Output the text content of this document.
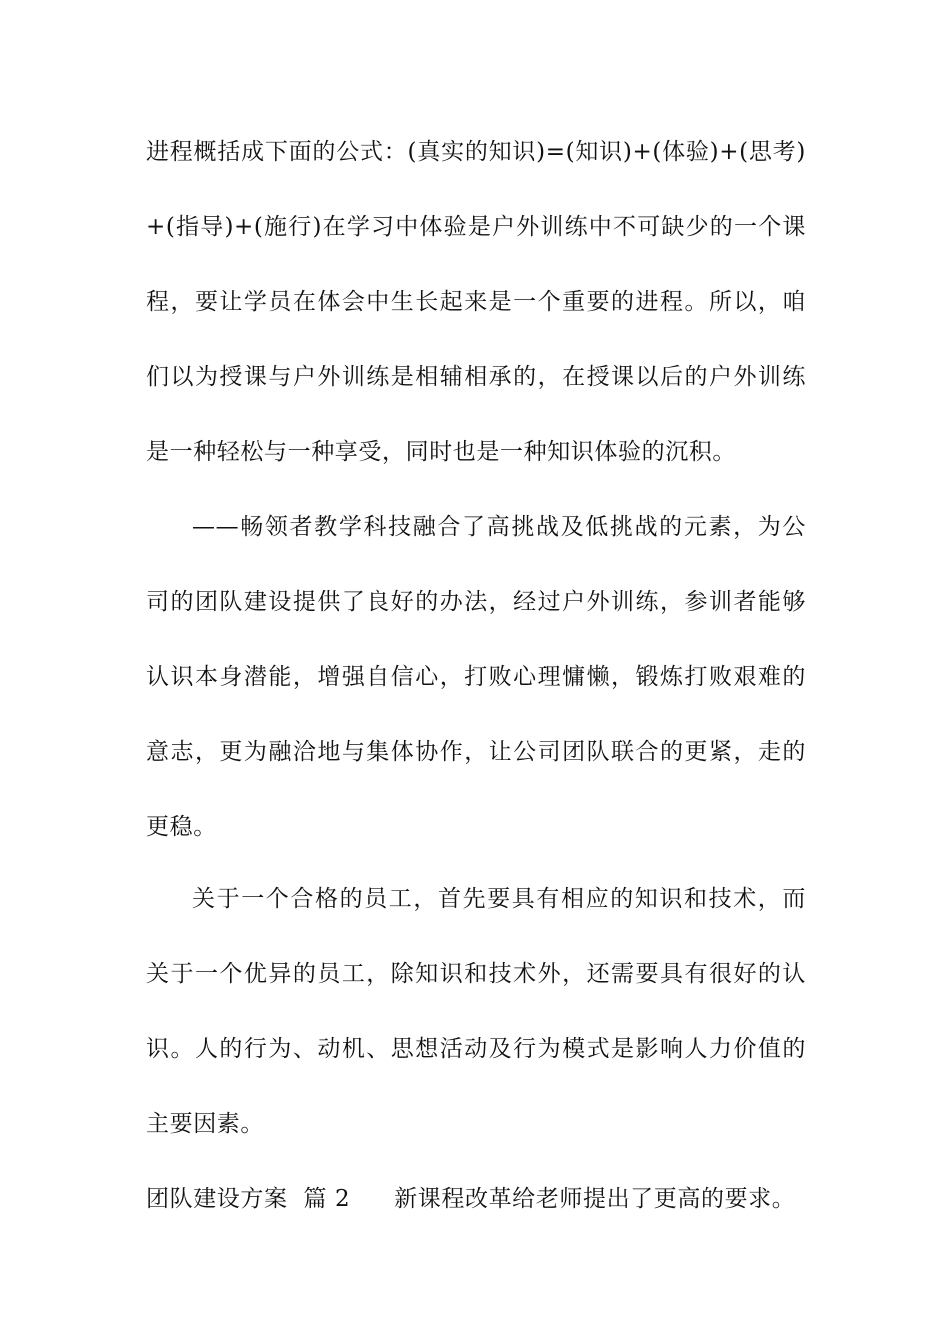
进程概括成下面的公式：(真实的知识)=(知识)+(体验)+(思考)
+(指导)+(施行)在学习中体验是户外训练中不可缺少的一个课
程，要让学员在体会中生长起来是一个重要的进程。所以，咱
们以为授课与户外训练是相辅相承的，在授课以后的户外训练
是一种轻松与一种享受，同时也是一种知识体验的沉积。
——畅领者教学科技融合了高挑战及低挑战的元素，为公
司的团队建设提供了良好的办法，经过户外训练，参训者能够
认识本身潜能，增强自信心，打败心理慵懒，锻炼打败艰难的
意志，更为融洽地与集体协作，让公司团队联合的更紧，走的
更稳。
关于一个合格的员工，首先要具有相应的知识和技术，而
关于一个优异的员工，除知识和技术外，还需要具有很好的认
识。人的行为、动机、思想活动及行为模式是影响人力价值的
主要因素。
团队建设方案 篇 2 新课程改革给老师提出了更高的要求。
